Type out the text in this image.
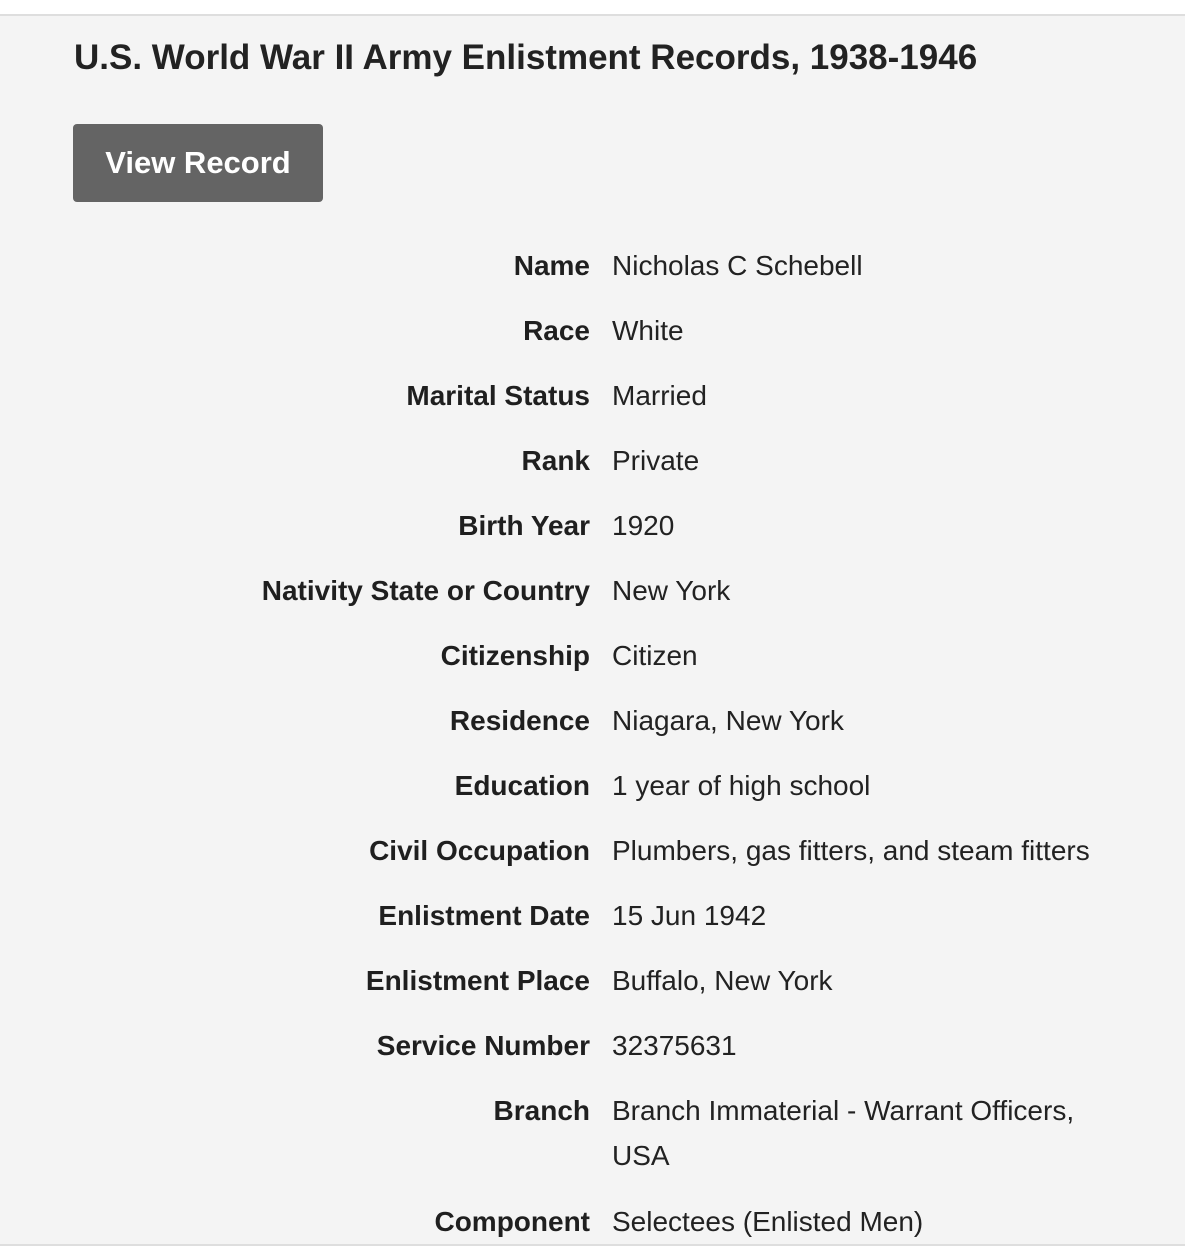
U.S. World War II Army Enlistment Records, 1938-1946
View Record
Name Nicholas C Schebell
Race White
Marital Status Married
Rank Private
Birth Year 1920
Nativity State or Country New York
Citizenship Citizen
Residence Niagara, New York
Education 1 year of high school
Civil Occupation Plumbers, gas fitters, and steam fitters
Enlistment Date 15 Jun 1942
Enlistment Place Buffalo, New York
Service Number 32375631
Branch Branch Immaterial - Warrant Officers, USA
Component Selectees (Enlisted Men)
